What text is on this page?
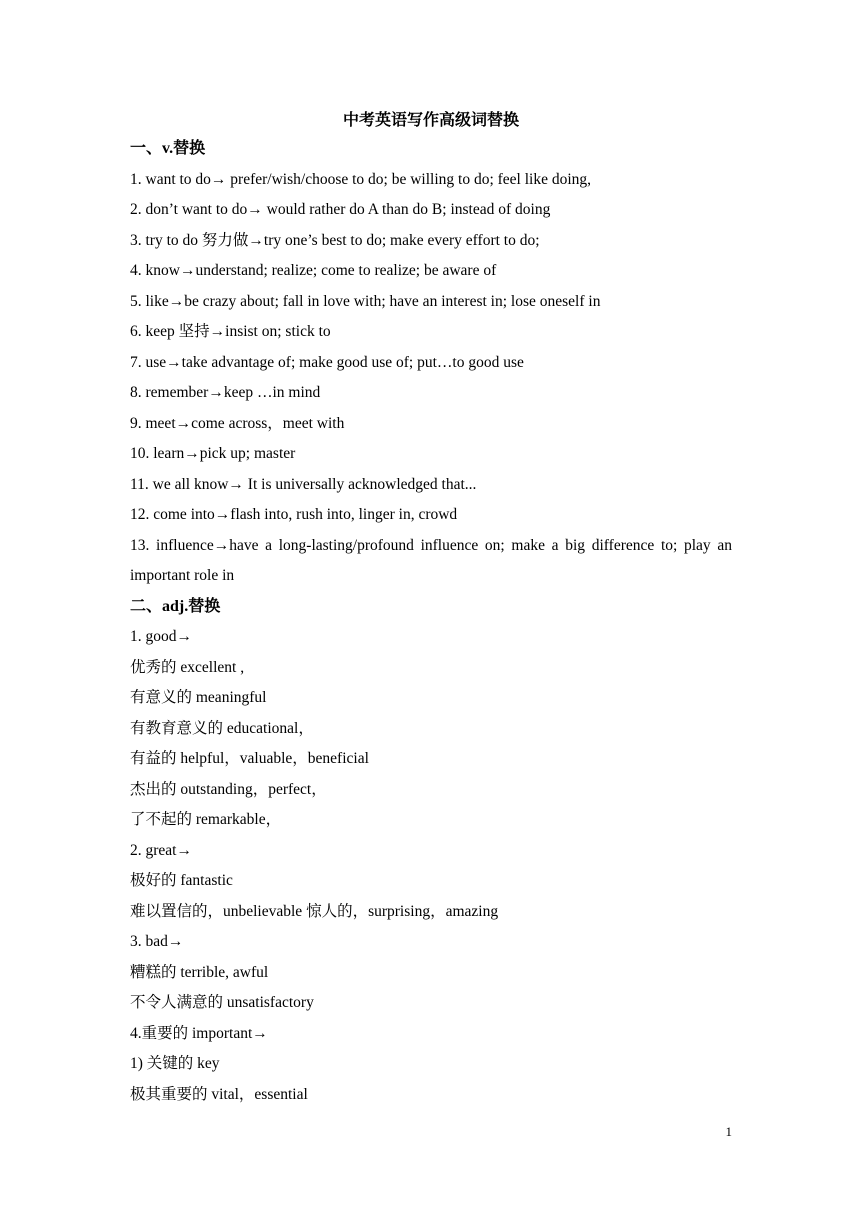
中考英语写作高级词替换

一、v.替换

1. want to do→ prefer/wish/choose to do; be willing to do; feel like doing,

2. don’t want to do→ would rather do A than do B; instead of doing

3. try to do 努力做→try one’s best to do; make every effort to do;

4. know→understand; realize; come to realize; be aware of

5. like→be crazy about; fall in love with; have an interest in; lose oneself in

6. keep 坚持→insist on; stick to

7. use→take advantage of; make good use of; put…to good use

8. remember→keep …in mind

9. meet→come across，meet with

10. learn→pick up; master

11. we all know→ It is universally acknowledged that...

12. come into→flash into, rush into, linger in, crowd

13. influence→have a long-lasting/profound influence on; make a big difference to; play an important role in

二、adj.替换

1. good→

优秀的 excellent ,

有意义的 meaningful

有教育意义的 educational，

有益的 helpful，valuable，beneficial

杰出的 outstanding，perfect，

了不起的 remarkable，

2. great→

极好的 fantastic

难以置信的，unbelievable 惊人的，surprising，amazing

3. bad→

糟糕的 terrible, awful

不令人满意的 unsatisfactory

4.重要的 important→

1) 关键的 key

极其重要的 vital，essential

1
